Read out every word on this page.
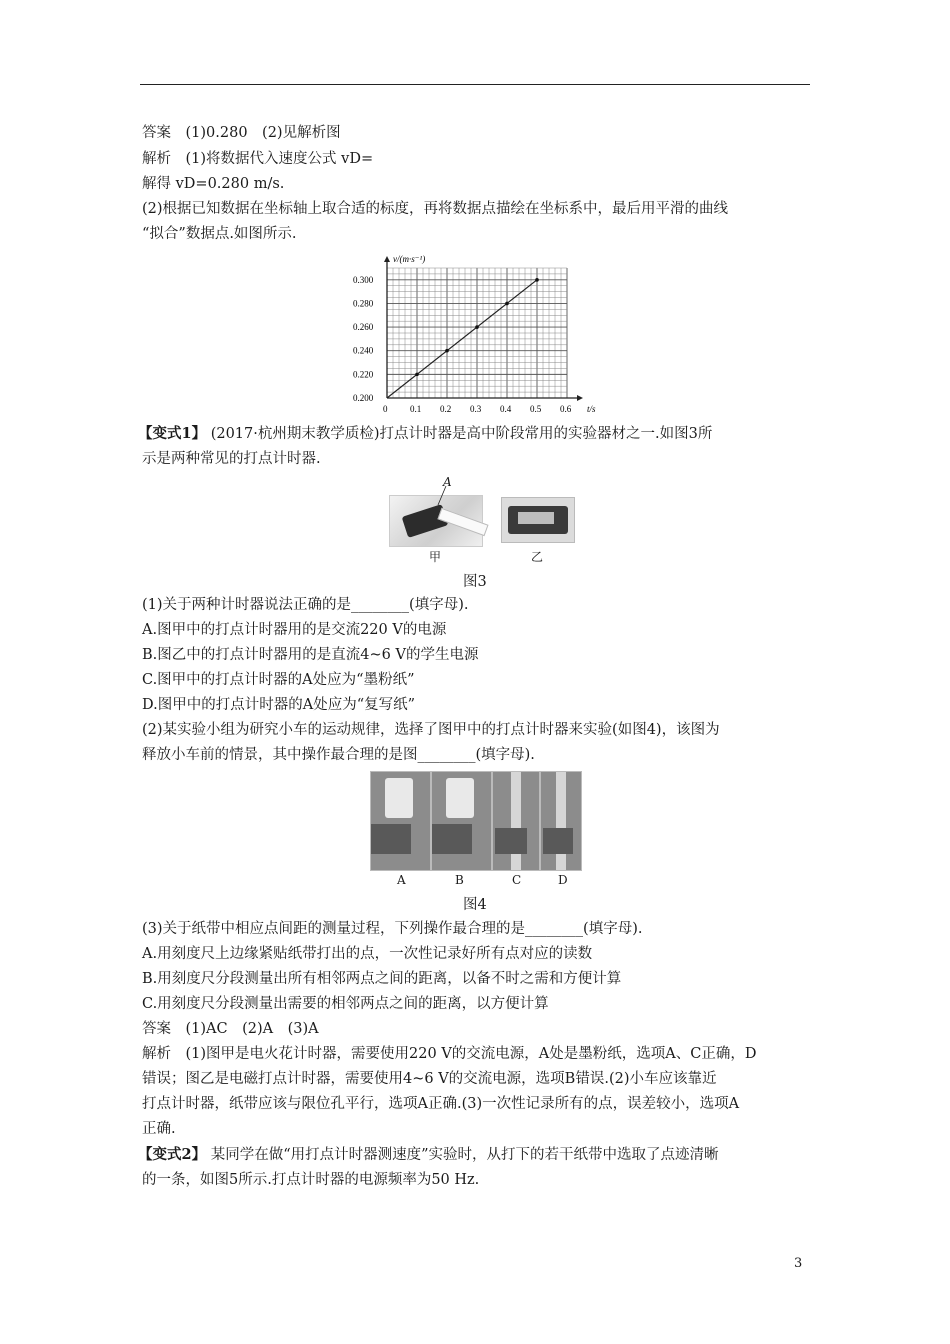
答案　(1)0.280　(2)见解析图
解析　(1)将数据代入速度公式 vD=
解得 vD=0.280 m/s.
(2)根据已知数据在坐标轴上取合适的标度，再将数据点描绘在坐标系中，最后用平滑的曲线
“拟合”数据点.如图所示.
v/(m·s⁻¹)
t/s
0	0.1 0.2 0.3 0.4 0.5 0.6
0.200
0.220
0.240
0.260
0.280
0.300
【变式1】 (2017·杭州期末教学质检)打点计时器是高中阶段常用的实验器材之一.如图3所
示是两种常见的打点计时器.
A
甲	乙
图3
(1)关于两种计时器说法正确的是________(填字母).
A.图甲中的打点计时器用的是交流220 V的电源
B.图乙中的打点计时器用的是直流4~6 V的学生电源
C.图甲中的打点计时器的A处应为“墨粉纸”
D.图甲中的打点计时器的A处应为“复写纸”
(2)某实验小组为研究小车的运动规律，选择了图甲中的打点计时器来实验(如图4)，该图为
释放小车前的情景，其中操作最合理的是图________(填字母).
A	B	C	D
图4
(3)关于纸带中相应点间距的测量过程，下列操作最合理的是________(填字母).
A.用刻度尺上边缘紧贴纸带打出的点，一次性记录好所有点对应的读数
B.用刻度尺分段测量出所有相邻两点之间的距离，以备不时之需和方便计算
C.用刻度尺分段测量出需要的相邻两点之间的距离，以方便计算
答案　(1)AC　(2)A　(3)A
解析　(1)图甲是电火花计时器，需要使用220 V的交流电源，A处是墨粉纸，选项A、C正确，D
错误；图乙是电磁打点计时器，需要使用4~6 V的交流电源，选项B错误.(2)小车应该靠近
打点计时器，纸带应该与限位孔平行，选项A正确.(3)一次性记录所有的点，误差较小，选项A
正确.
【变式2】 某同学在做“用打点计时器测速度”实验时，从打下的若干纸带中选取了点迹清晰
的一条，如图5所示.打点计时器的电源频率为50 Hz.
3
